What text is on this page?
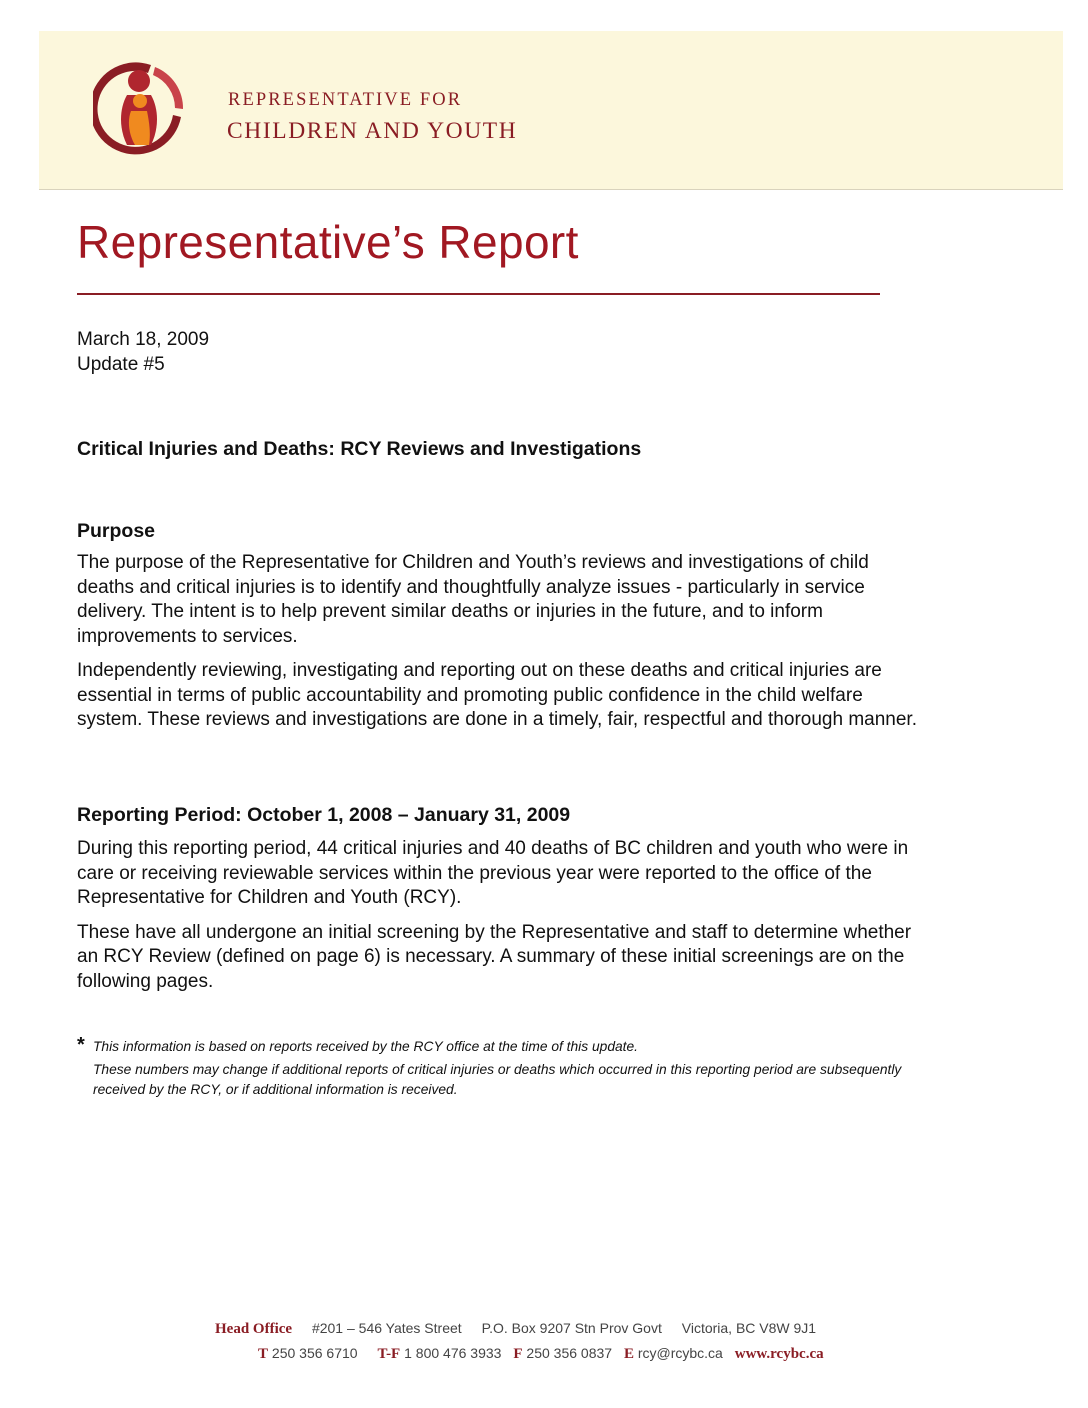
REPRESENTATIVE FOR
CHILDREN AND YOUTH
Representative’s Report
March 18, 2009
Update #5
Critical Injuries and Deaths: RCY Reviews and Investigations
Purpose

The purpose of the Representative for Children and Youth’s reviews and investigations of child deaths and critical injuries is to identify and thoughtfully analyze issues - particularly in service delivery. The intent is to help prevent similar deaths or injuries in the future, and to inform improvements to services.

Independently reviewing, investigating and reporting out on these deaths and critical injuries are essential in terms of public accountability and promoting public confidence in the child welfare system. These reviews and investigations are done in a timely, fair, respectful and thorough manner.

Reporting Period: October 1, 2008 – January 31, 2009

During this reporting period, 44 critical injuries and 40 deaths of BC children and youth who were in care or receiving reviewable services within the previous year were reported to the office of the Representative for Children and Youth (RCY).

These have all undergone an initial screening by the Representative and staff to determine whether an RCY Review (defined on page 6) is necessary. A summary of these initial screenings are on the following pages.

* This information is based on reports received by the RCY office at the time of this update.
These numbers may change if additional reports of critical injuries or deaths which occurred in this reporting period are subsequently received by the RCY, or if additional information is received.
Head Office #201 – 546 Yates Street P.O. Box 9207 Stn Prov Govt Victoria, BC V8W 9J1
T 250 356 6710 T-F 1 800 476 3933 F 250 356 0837 E rcy@rcybc.ca www.rcybc.ca
